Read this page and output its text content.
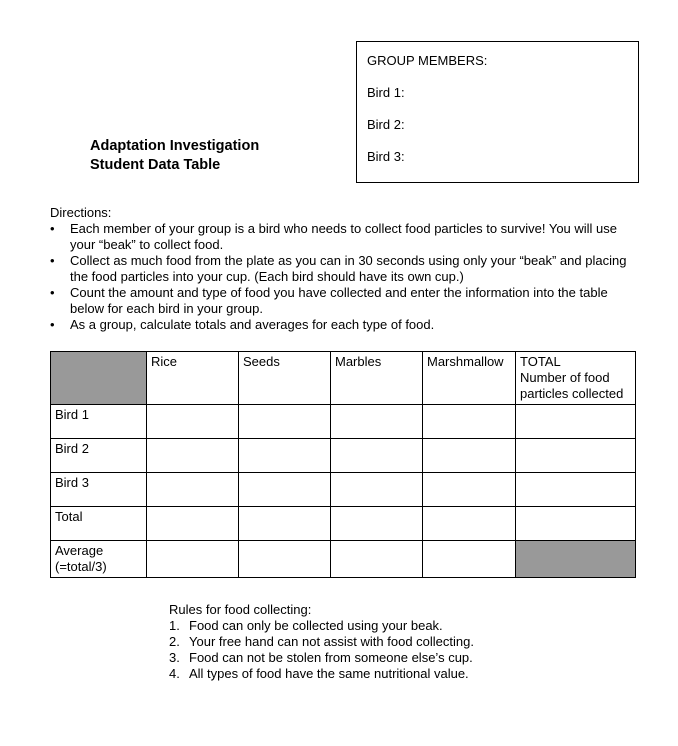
GROUP MEMBERS:
Bird 1:
Bird 2:
Bird 3:
Adaptation Investigation
Student Data Table
Directions:
• Each member of your group is a bird who needs to collect food particles to survive! You will use your “beak” to collect food.
• Collect as much food from the plate as you can in 30 seconds using only your “beak” and placing the food particles into your cup. (Each bird should have its own cup.)
• Count the amount and type of food you have collected and enter the information into the table below for each bird in your group.
• As a group, calculate totals and averages for each type of food.
	Rice	Seeds	Marbles	Marshmallow	TOTAL
Number of food particles collected

Bird 1					
Bird 2					
Bird 3					
Total					

Average
(=total/3)					

Rules for food collecting:
1. Food can only be collected using your beak.
2. Your free hand can not assist with food collecting.
3. Food can not be stolen from someone else’s cup.
4. All types of food have the same nutritional value.
